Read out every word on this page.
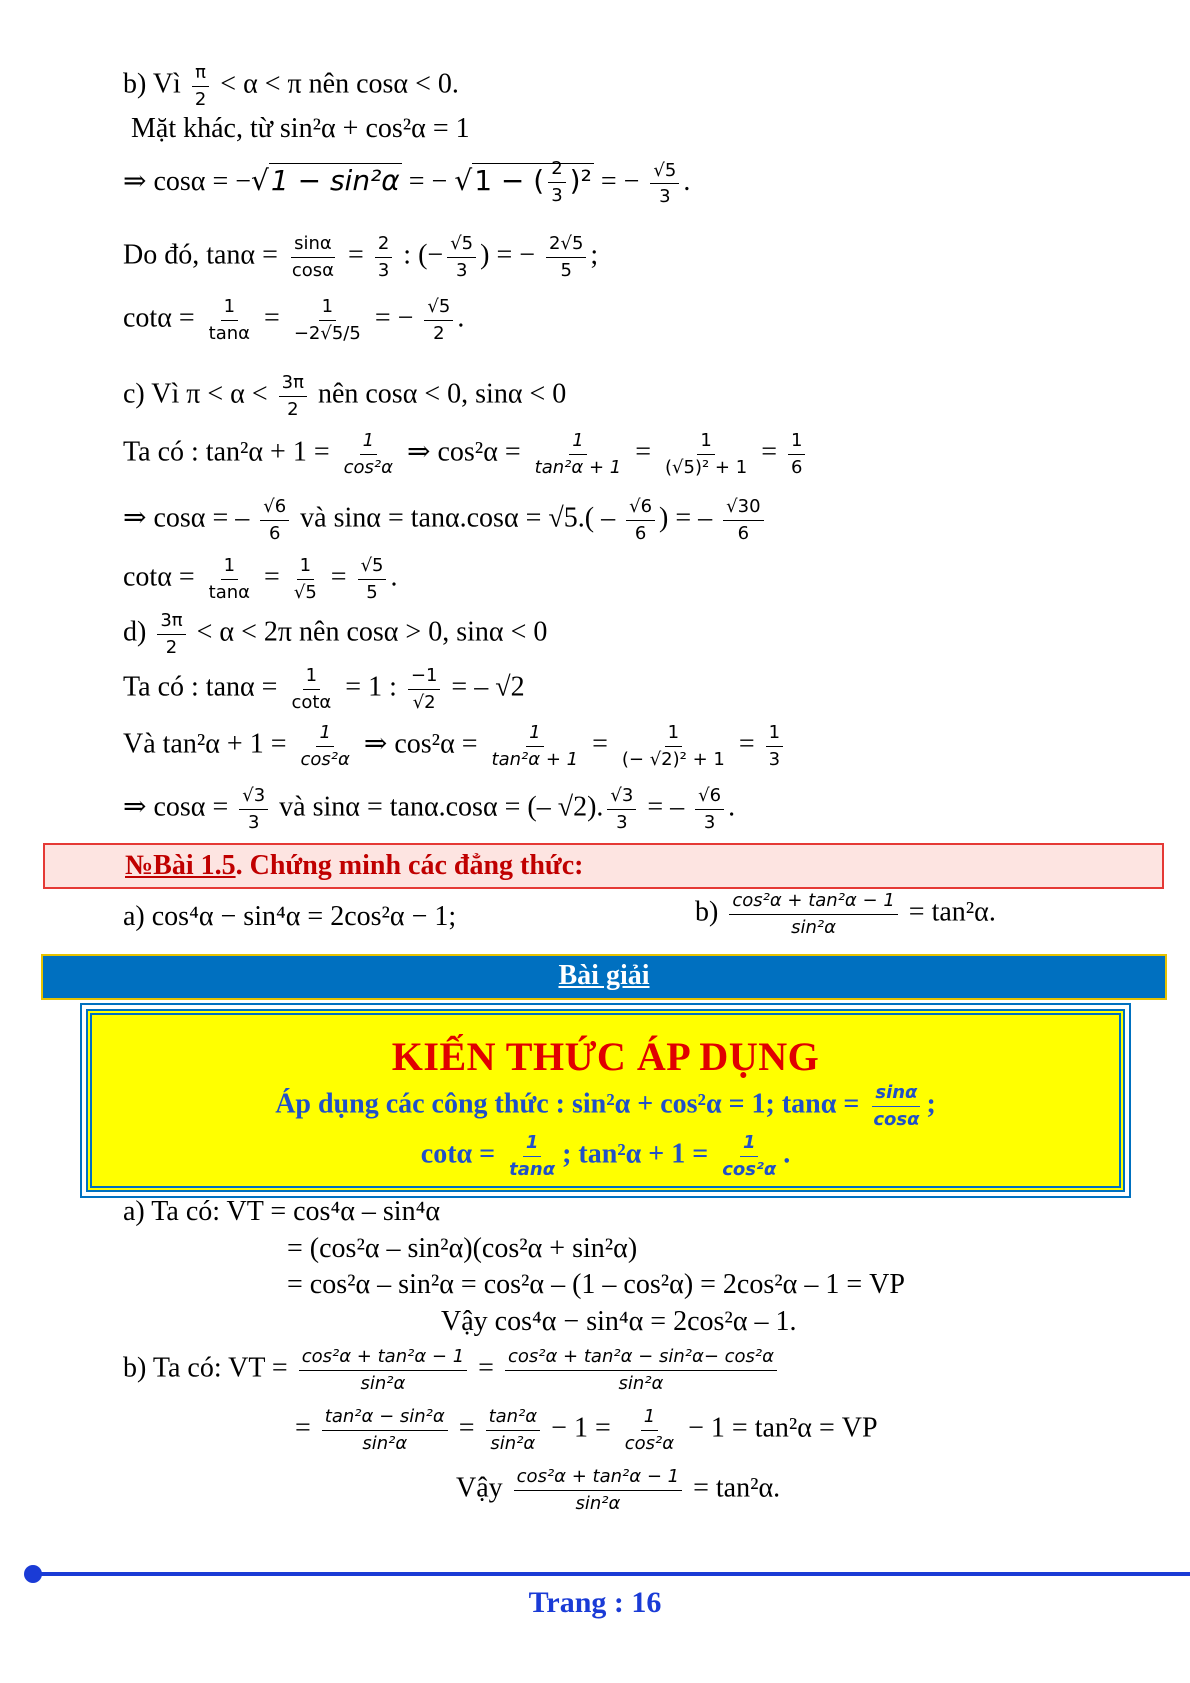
b) Vì $\frac{\pi}{2} < \alpha < \pi$ nên cosα < 0.
Mặt khác, từ sin²α + cos²α = 1
⇒ cosα = −√1 − sin²α = − √1 − ( $\frac{2}{3} )^2$ = − $\frac{√5}{3}$ .
Do đó, $\tan\alpha = \frac{\sin\alpha}{\cos\alpha} = \frac{2}{3}$ : (− $\frac{√5}{3}$ ) = − $\frac{2√5}{5}$ ;
$\cot\alpha = \frac{1}{\tan\alpha} = \frac{1}{-2√5/5}$ = − $\frac{√5}{2}$ .
c) Vì $\pi < \alpha < \frac{3\pi}{2}$ nên cosα < 0, sinα < 0
Ta có : $\tan^2\alpha + 1 = \frac{1}{\text{cos²α}}$ ⇒ $\cos^2\alpha = \frac{1}{\text{tan²α + 1}} = \frac{1}{\text{(√5)² + 1}} = \frac{1}{6}$
⇒ cosα = – $\frac{√6}{6}$ và $\sin\alpha = \tan\alpha.\cos\alpha = √5.( - \frac{√6}{6}$ ) = – $\frac{√30}{6}$
$\cot\alpha = \frac{1}{\tan\alpha} = \frac{1}{√5} = \frac{√5}{5}$ .
$d) \frac{3\pi}{2} < \alpha < 2\pi$ nên cosα > 0, sinα < 0
Ta có : $\tan\alpha = \frac{1}{\cot\alpha} = 1$ : $\frac{-1}{√2}$ = – √2
Và $\tan^2\alpha + 1 = \frac{1}{\text{cos²α}}$ ⇒ $\cos^2\alpha = \frac{1}{\text{tan²α + 1}} = \frac{1}{\text{(− √2)² + 1}} = \frac{1}{3}$
⇒ $\cos\alpha = \frac{√3}{3}$ và sinα = tanα.cosα = (– √2). $\frac{√3}{3}$ = – $\frac{√6}{3}$ .
№Bài 1.5. Chứng minh các đẳng thức:
a) cos⁴α − sin⁴α = 2cos²α − 1;	$b) \frac{\text{cos²α + tan²α − 1}}{\text{sin²α}} = \tan^2\alpha$.
Bài giải
KIẾN THỨC ÁP DỤNG
Áp dụng các công thức : sin²α + cos²α = 1; $\tan\alpha = \frac{\sin\alpha}{\cos\alpha}$ ;
$\cot\alpha = \frac{1}{\tan\alpha}$ ; $\tan^2\alpha + 1 = \frac{1}{\text{cos²α}}$ .
a) Ta có: VT = cos⁴α – sin⁴α
= (cos²α – sin²α)(cos²α + sin²α)
= cos²α – sin²α = cos²α – (1 – cos²α) = 2cos²α – 1 = VP
Vậy cos⁴α − sin⁴α = 2cos²α – 1.
b) Ta có: VT = $\frac{\text{cos²α + tan²α − 1}}{\text{sin²α}} = \frac{\text{cos²α + tan²α − sin²α− cos²α}}{\text{sin²α}}$
= $\frac{\text{tan²α − sin²α}}{\text{sin²α}} = \frac{\text{tan²α}}{\text{sin²α}} - 1 = \frac{1}{\text{cos²α}} - 1 = \tan^2\alpha$ = VP
Vậy $\frac{\text{cos²α + tan²α − 1}}{\text{sin²α}} = \tan^2\alpha$.
Trang : 16
